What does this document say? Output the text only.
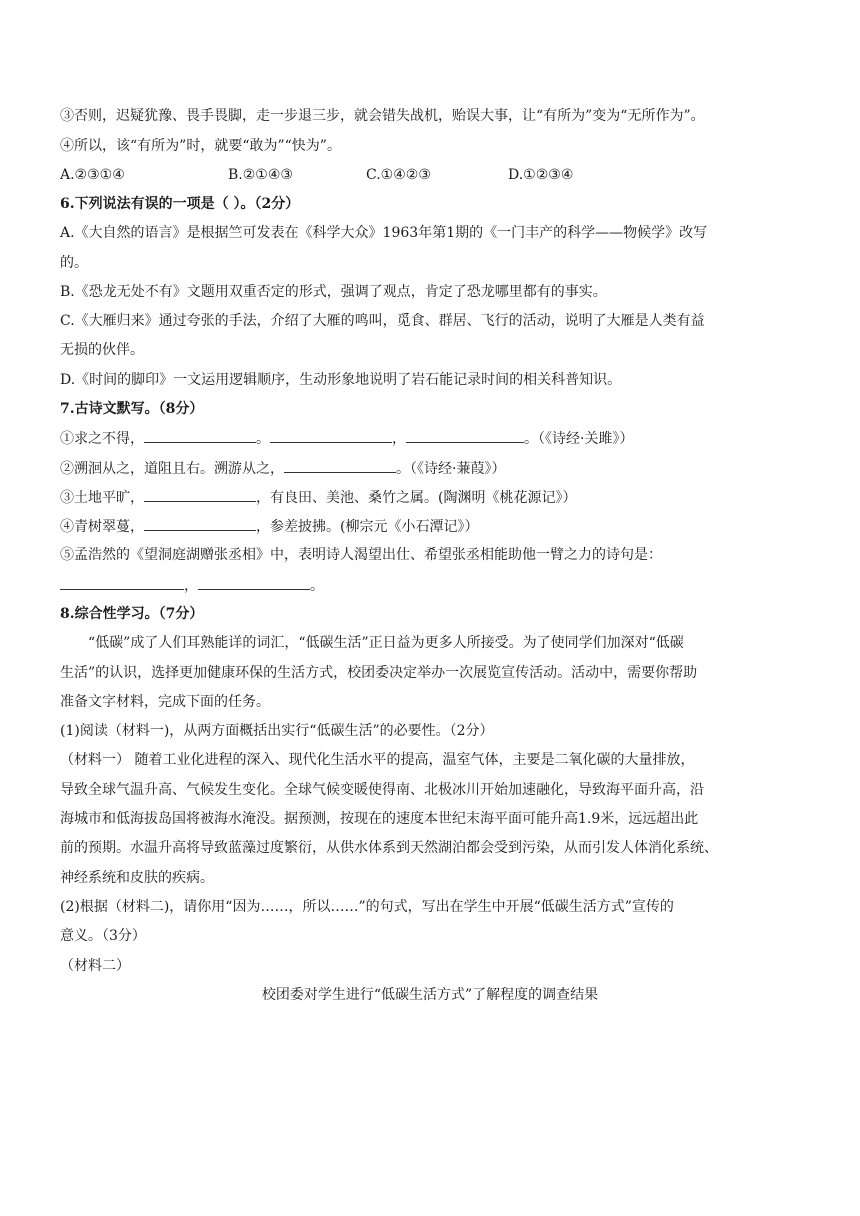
③否则，迟疑犹豫、畏手畏脚，走一步退三步，就会错失战机，贻误大事，让“有所为”变为“无所作为”。
④所以，该“有所为”时，就要“敢为”“快为”。
A.②③①④	B.②①④③	C.①④②③	D.①②③④
6.下列说法有误的一项是（ ）。（2分）
A.《大自然的语言》是根据竺可发表在《科学大众》1963年第1期的《一门丰产的科学——物候学》改写
的。
B.《恐龙无处不有》文题用双重否定的形式，强调了观点，肯定了恐龙哪里都有的事实。
C.《大雁归来》通过夸张的手法，介绍了大雁的鸣叫，觅食、群居、飞行的活动，说明了大雁是人类有益
无损的伙伴。
D.《时间的脚印》一文运用逻辑顺序，生动形象地说明了岩石能记录时间的相关科普知识。
7.古诗文默写。（8分）
①求之不得，	。	，	。（《诗经·关雎》）
②溯洄从之，道阻且右。溯游从之，	。（《诗经·蒹葭》）
③土地平旷，	，有良田、美池、桑竹之属。(陶渊明《桃花源记》）
④青树翠蔓，	，参差披拂。(柳宗元《小石潭记》）
⑤孟浩然的《望洞庭湖赠张丞相》中，表明诗人渴望出仕、希望张丞相能助他一臂之力的诗句是：
，	。
8.综合性学习。（7分）
“低碳”成了人们耳熟能详的词汇，“低碳生活”正日益为更多人所接受。为了使同学们加深对“低碳
生活”的认识，选择更加健康环保的生活方式，校团委决定举办一次展览宣传活动。活动中，需要你帮助
准备文字材料，完成下面的任务。
(1)阅读（材料一)，从两方面概括出实行“低碳生活”的必要性。（2分）
（材料一） 随着工业化进程的深入、现代化生活水平的提高，温室气体，主要是二氧化碳的大量排放，
导致全球气温升高、气候发生变化。全球气候变暖使得南、北极冰川开始加速融化，导致海平面升高，沿
海城市和低海拔岛国将被海水淹没。据预测，按现在的速度本世纪末海平面可能升高1.9米，远远超出此
前的预期。水温升高将导致蓝藻过度繁衍，从供水体系到天然湖泊都会受到污染，从而引发人体消化系统、
神经系统和皮肤的疾病。
(2)根据（材料二)，请你用“因为……，所以……”的句式，写出在学生中开展“低碳生活方式”宣传的
意义。（3分）
（材料二）
校团委对学生进行“低碳生活方式”了解程度的调查结果
